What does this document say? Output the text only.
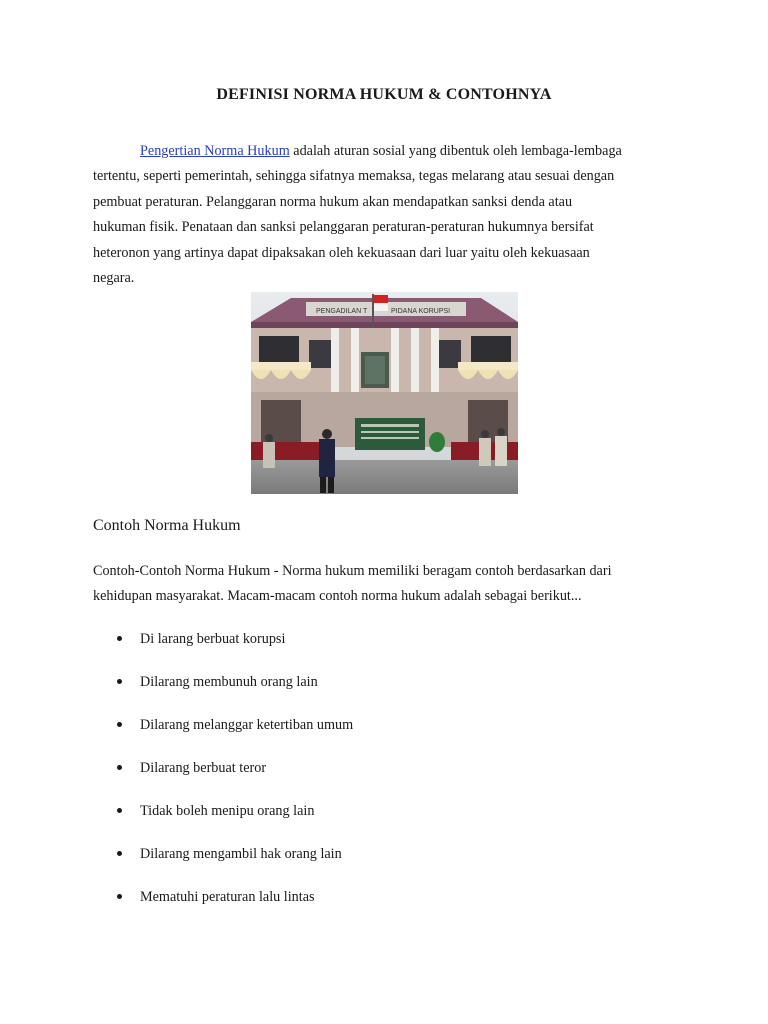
DEFINISI NORMA HUKUM & CONTOHNYA

Pengertian Norma Hukum adalah aturan sosial yang dibentuk oleh lembaga-lembaga
tertentu, seperti pemerintah, sehingga sifatnya memaksa, tegas melarang atau sesuai dengan
pembuat peraturan. Pelanggaran norma hukum akan mendapatkan sanksi denda atau
hukuman fisik. Penataan dan sanksi pelanggaran peraturan-peraturan hukumnya bersifat
heteronon yang artinya dapat dipaksakan oleh kekuasaan dari luar yaitu oleh kekuasaan
negara.

PENGADILAN T	PIDANA KORUPSI
Contoh Norma Hukum

Contoh-Contoh Norma Hukum - Norma hukum memiliki beragam contoh berdasarkan dari
kehidupan masyarakat. Macam-macam contoh norma hukum adalah sebagai berikut...

Di larang berbuat korupsi
Dilarang membunuh orang lain
Dilarang melanggar ketertiban umum
Dilarang berbuat teror
Tidak boleh menipu orang lain
Dilarang mengambil hak orang lain
Mematuhi peraturan lalu lintas
